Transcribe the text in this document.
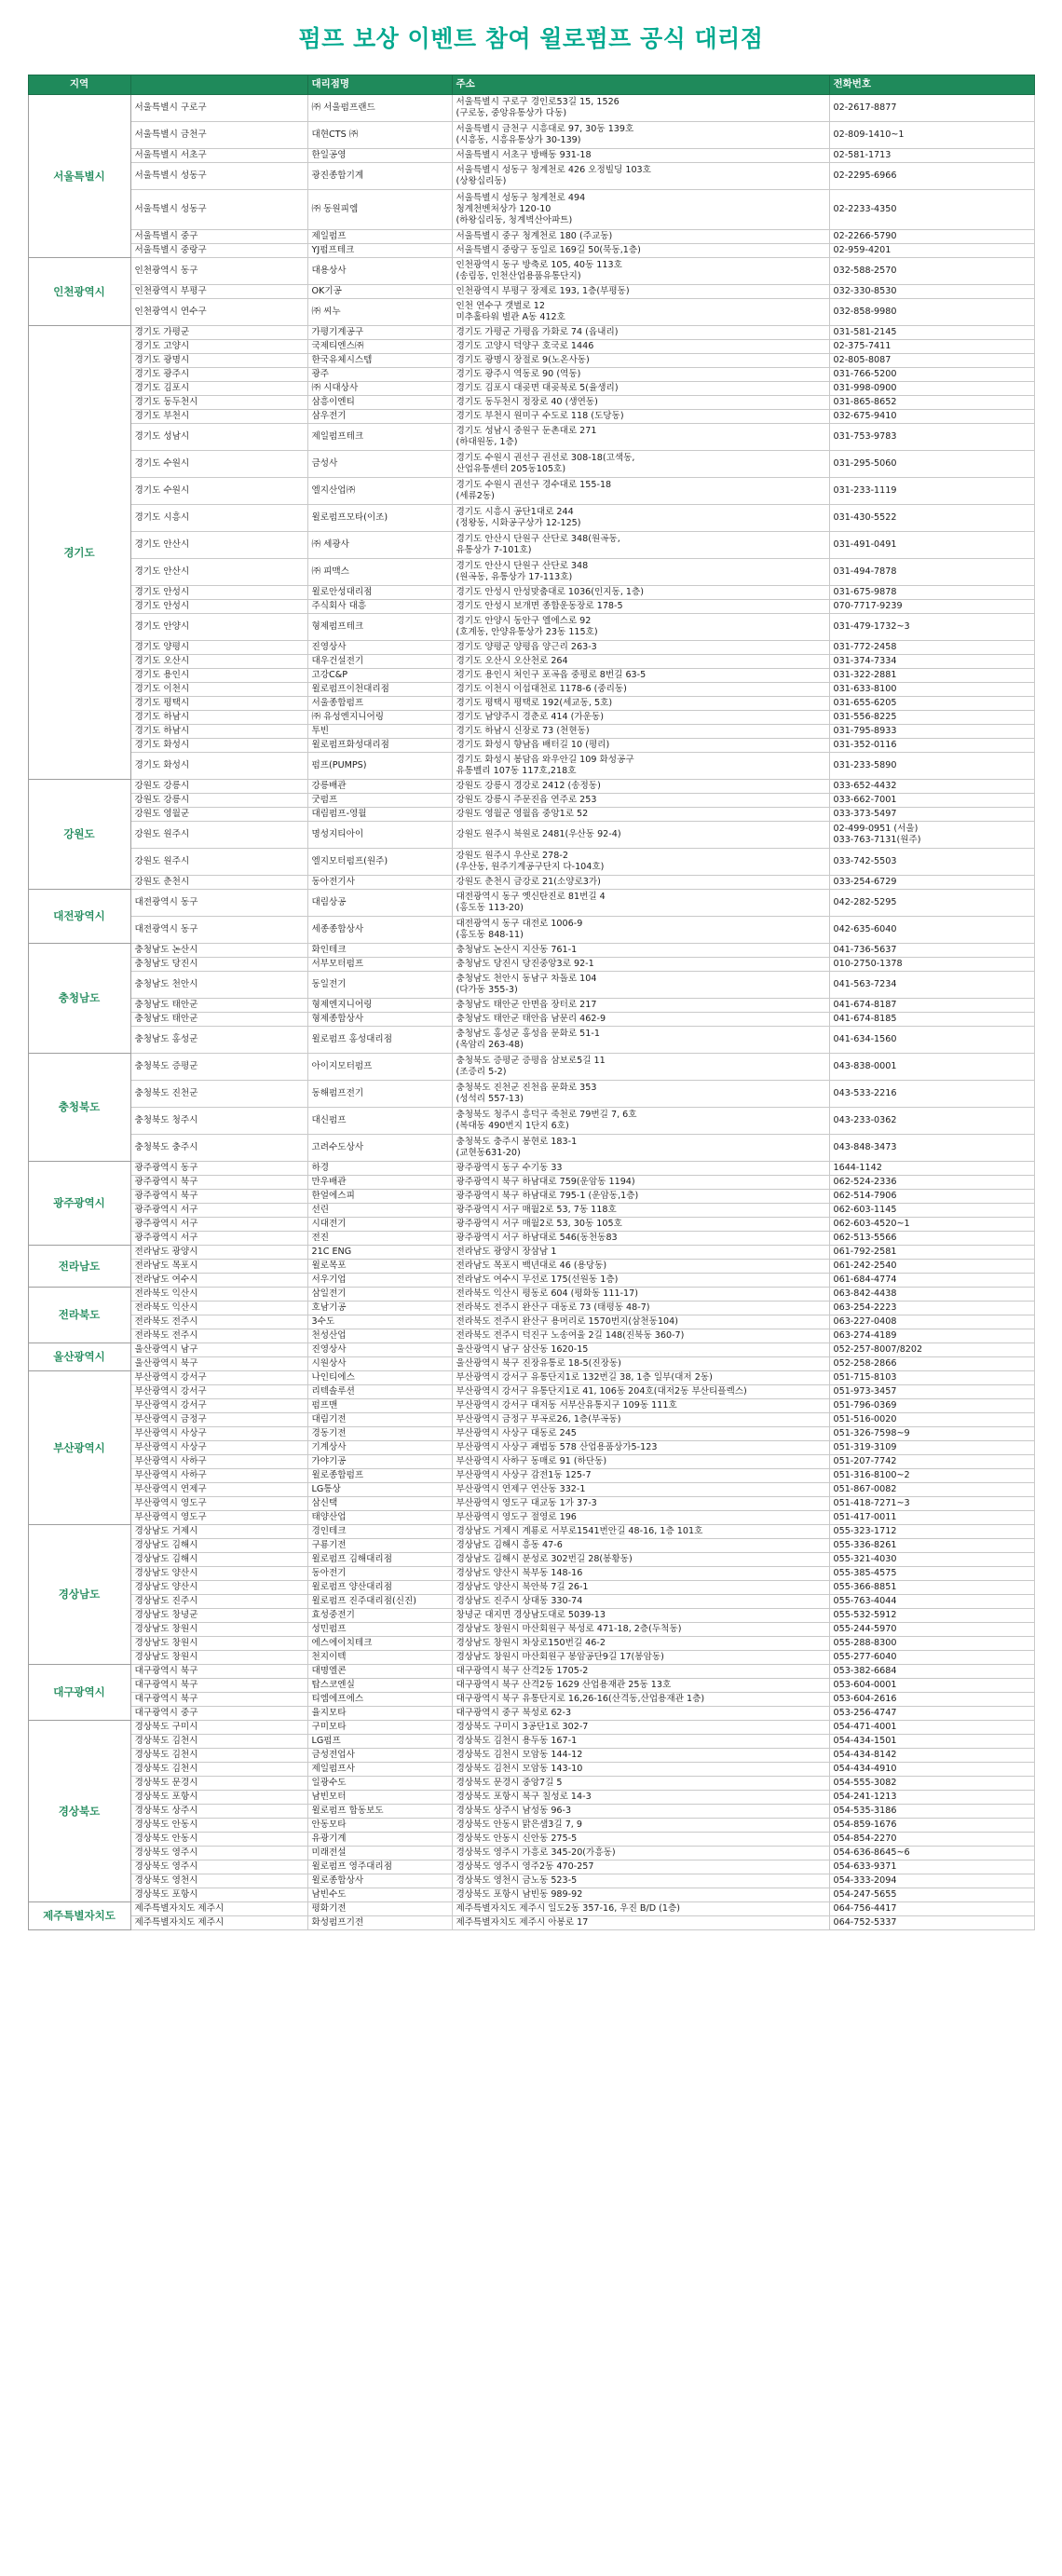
펌프 보상 이벤트 참여 윌로펌프 공식 대리점
지역		대리점명	주소	전화번호
서울특별시	서울특별시 구로구	㈜ 서울펌프랜드	서울특별시 구로구 경인로53길 15, 1526
(구로동, 중앙유통상가 다동)	02-2617-8877

	서울특별시 금천구	대현CTS ㈜	서울특별시 금천구 시흥대로 97, 30동 139호
(시흥동, 시흥유통상가 30-139)	02-809-1410~1

	서울특별시 서초구	한일공영	서울특별시 서초구 방배동 931-18	02-581-1713

	서울특별시 성동구	광진종합기계	서울특별시 성동구 청계천로 426 오정빌딩 103호
(상왕십리동)	02-2295-6966

	서울특별시 성동구	㈜ 동원피엠	서울특별시 성동구 청계천로 494
청계천벤처상가 120-10
(하왕십리동, 청계벽산아파트)	02-2233-4350

	서울특별시 중구	제일펌프	서울특별시 중구 청계천로 180 (주교동)	02-2266-5790

	서울특별시 중랑구	YJ펌프테크	서울특별시 중랑구 동일로 169길 50(묵동,1층)	02-959-4201

인천광역시	인천광역시 동구	대용상사	인천광역시 동구 방축로 105, 40동 113호
(송림동, 인천산업용품유통단지)	032-588-2570

	인천광역시 부평구	OK기공	인천광역시 부평구 장제로 193, 1층(부평동)	032-330-8530

	인천광역시 연수구	㈜ 씨누	인천 연수구 갯벌로 12
미추홀타워 별관 A동 412호	032-858-9980

경기도	경기도 가평군	가평기계공구	경기도 가평군 가평읍 가화로 74 (읍내리)	031-581-2145

	경기도 고양시	국제티엔스㈜	경기도 고양시 덕양구 호국로 1446	02-375-7411

	경기도 광명시	한국유체시스템	경기도 광명시 장절로 9(노온사동)	02-805-8087

	경기도 광주시	광주	경기도 광주시 역동로 90 (역동)	031-766-5200

	경기도 김포시	㈜ 시대상사	경기도 김포시 대곶면 대곶북로 5(율생리)	031-998-0900

	경기도 동두천시	삼흥이엔티	경기도 동두천시 정장로 40 (생연동)	031-865-8652

	경기도 부천시	삼우전기	경기도 부천시 원미구 수도로 118 (도당동)	032-675-9410

	경기도 성남시	제일펌프테크	경기도 성남시 중원구 둔촌대로 271
(하대원동, 1층)	031-753-9783

	경기도 수원시	금성사	경기도 수원시 권선구 권선로 308-18(고색동,
산업유통센터 205동105호)	031-295-5060

	경기도 수원시	엘지산업㈜	경기도 수원시 권선구 경수대로 155-18
(세류2동)	031-233-1119

	경기도 시흥시	윌로펌프모타(이조)	경기도 시흥시 공단1대로 244
(정왕동, 시화공구상가 12-125)	031-430-5522

	경기도 안산시	㈜ 세광사	경기도 안산시 단원구 산단로 348(원곡동,
유통상가 7-101호)	031-491-0491

	경기도 안산시	㈜ 피맥스	경기도 안산시 단원구 산단로 348
(원곡동, 유통상가 17-113호)	031-494-7878

	경기도 안성시	윌로안성대리점	경기도 안성시 안성맞춤대로 1036(인지동, 1층)	031-675-9878

	경기도 안성시	주식회사 대흥	경기도 안성시 보개면 종합운동장로 178-5	070-7717-9239

	경기도 안양시	형제펌프테크	경기도 안양시 동안구 엘에스로 92
(호계동, 안양유통상가 23동 115호)	031-479-1732~3

	경기도 양평시	진영상사	경기도 양평군 양평읍 양근리 263-3	031-772-2458

	경기도 오산시	대우건설전기	경기도 오산시 오산천로 264	031-374-7334

	경기도 용인시	고강C&P	경기도 용인시 처인구 포곡읍 중평로 8번길 63-5	031-322-2881

	경기도 이천시	윌로펌프이천대리점	경기도 이천시 이섭대천로 1178-6 (중리동)	031-633-8100

	경기도 평택시	서울종합펌프	경기도 평택시 평택로 192(세교동, 5호)	031-655-6205

	경기도 하남시	㈜ 유성엔지니어링	경기도 남양주시 경춘로 414 (가운동)	031-556-8225

	경기도 하남시	투빈	경기도 하남시 신장로 73 (천현동)	031-795-8933

	경기도 화성시	윌로펌프화성대리점	경기도 화성시 향남읍 배터길 10 (평리)	031-352-0116

	경기도 화성시	펌프(PUMPS)	경기도 화성시 봉담읍 와우안길 109 화성공구
유통벨리 107동 117호,218호	031-233-5890

강원도	강원도 강릉시	강릉배관	강원도 강릉시 경강로 2412 (송정동)	033-652-4432

	강원도 강릉시	굿펌프	강원도 강릉시 주문진읍 연주로 253	033-662-7001

	강원도 영월군	대림펌프-영월	강원도 영월군 영월읍 중앙1로 52	033-373-5497

	강원도 원주시	명성지티아이	강원도 원주시 북원로 2481(우산동 92-4)	02-499-0951 (서울)
033-763-7131(원주)

	강원도 원주시	엘지모터펌프(원주)	강원도 원주시 우산로 278-2
(우산동, 원주기계공구단지 다-104호)	033-742-5503

	강원도 춘천시	동아전기사	강원도 춘천시 금강로 21(소양로3가)	033-254-6729

대전광역시	대전광역시 동구	대림상공	대전광역시 동구 옛신탄진로 81번길 4
(홍도동 113-20)	042-282-5295

	대전광역시 동구	세종종합상사	대전광역시 동구 대전로 1006-9
(홍도동 848-11)	042-635-6040

충청남도	충청남도 논산시	화인테크	충청남도 논산시 지산동 761-1	041-736-5637

	충청남도 당진시	서부모터펌프	충청남도 당진시 당진중앙3로 92-1	010-2750-1378

	충청남도 천안시	동일전기	충청남도 천안시 동남구 차돌로 104
(다가동 355-3)	041-563-7234

	충청남도 태안군	형제엔지니어링	충청남도 태안군 안면읍 장터로 217	041-674-8187

	충청남도 태안군	형제종합상사	충청남도 태안군 태안읍 남문리 462-9	041-674-8185

	충청남도 홍성군	윌로펌프 홍성대리점	충청남도 홍성군 홍성읍 문화로 51-1
(옥암리 263-48)	041-634-1560

충청북도	충청북도 증평군	아이지모터펌프	충청북도 증평군 증평읍 삼보로5길 11
(조증리 5-2)	043-838-0001

	충청북도 진천군	동해펌프전기	충청북도 진천군 진천읍 문화로 353
(성석리 557-13)	043-533-2216

	충청북도 청주시	대신펌프	충청북도 청주시 흥덕구 죽천로 79번길 7, 6호
(복대동 490번지 1단지 6호)	043-233-0362

	충청북도 충주시	고려수도상사	충청북도 충주시 봉현로 183-1
(교현동631-20)	043-848-3473

광주광역시	광주광역시 동구	하경	광주광역시 동구 수기동 33	1644-1142

	광주광역시 북구	만우배관	광주광역시 북구 하남대로 759(운암동 1194)	062-524-2336

	광주광역시 북구	한얼에스피	광주광역시 북구 하남대로 795-1 (운암동,1층)	062-514-7906

	광주광역시 서구	선린	광주광역시 서구 매월2로 53, 7동 118호	062-603-1145

	광주광역시 서구	시대전기	광주광역시 서구 매월2로 53, 30동 105호	062-603-4520~1

	광주광역시 서구	전진	광주광역시 서구 하남대로 546(동천동83	062-513-5566

전라남도	전라남도 광양시	21C ENG	전라남도 광양시 장삼남 1	061-792-2581

	전라남도 목포시	윌로목포	전라남도 목포시 백년대로 46 (용당동)	061-242-2540

	전라남도 여수시	서우기업	전라남도 여수시 무선로 175(선원동 1층)	061-684-4774

전라북도	전라북도 익산시	삼일전기	전라북도 익산시 평동로 604 (평화동 111-17)	063-842-4438

	전라북도 익산시	호남기공	전라북도 전주시 완산구 대동로 73 (태평동 48-7)	063-254-2223

	전라북도 전주시	3수도	전라북도 전주시 완산구 용머리로 1570번지(삼천동104)	063-227-0408

	전라북도 전주시	천성산업	전라북도 전주시 덕진구 노송여울 2길 148(진북동 360-7)	063-274-4189

울산광역시	울산광역시 남구	진영상사	울산광역시 남구 삼산동 1620-15	052-257-8007/8202

	울산광역시 북구	시원상사	울산광역시 북구 진장유통로 18-5(진장동)	052-258-2866

부산광역시	부산광역시 강서구	나인티에스	부산광역시 강서구 유통단지1로 132번길 38, 1층 일부(대저 2동)	051-715-8103

	부산광역시 강서구	리텍솔루션	부산광역시 강서구 유통단지1로 41, 106동 204호(대저2동 부산티플렉스)	051-973-3457

	부산광역시 강서구	펌프맨	부산광역시 강서구 대저동 서부산유통지구 109동 111호	051-796-0369

	부산광역시 금정구	대림기전	부산광역시 금정구 부곡로26, 1층(부곡동)	051-516-0020

	부산광역시 사상구	경동기전	부산광역시 사상구 대동로 245	051-326-7598~9

	부산광역시 사상구	기계상사	부산광역시 사상구 괘법동 578 산업용품상가5-123	051-319-3109

	부산광역시 사하구	가야기공	부산광역시 사하구 동매로 91 (하단동)	051-207-7742

	부산광역시 사하구	윌로종합펌프	부산광역시 사상구 감전1동 125-7	051-316-8100~2

	부산광역시 연제구	LG통상	부산광역시 연제구 연산동 332-1	051-867-0082

	부산광역시 영도구	삼신택	부산광역시 영도구 대교동 1가 37-3	051-418-7271~3

	부산광역시 영도구	태양산업	부산광역시 영도구 절영로 196	051-417-0011

경상남도	경상남도 거제시	경인테크	경상남도 거제시 계룡로 서부로1541번안길 48-16, 1층 101호	055-323-1712

	경상남도 김해시	구룡기전	경상남도 김해시 흥동 47-6	055-336-8261

	경상남도 김해시	윌로펌프 김해대리점	경상남도 김해시 분성로 302번길 28(봉황동)	055-321-4030

	경상남도 양산시	동아전기	경상남도 양산시 북부동 148-16	055-385-4575

	경상남도 양산시	윌로펌프 양산대리점	경상남도 양산시 북안북 7길 26-1	055-366-8851

	경상남도 진주시	윌로펌프 진주대리점(신진)	경상남도 진주시 상대동 330-74	055-763-4044

	경상남도 창녕군	효성중전기	창녕군 대지면 경상남도대로 5039-13	055-532-5912

	경상남도 창원시	성민펌프	경상남도 창원시 마산회원구 북성로 471-18, 2층(두척동)	055-244-5970

	경상남도 창원시	에스에이치테크	경상남도 창원시 차상로150번길 46-2	055-288-8300

	경상남도 창원시	천지이텍	경상남도 창원시 마산회원구 봉암공단9길 17(봉암동)	055-277-6040

대구광역시	대구광역시 북구	대명엘콘	대구광역시 북구 산격2동 1705-2	053-382-6684

	대구광역시 북구	탑스코엔실	대구광역시 북구 산격2동 1629 산업용재관 25동 13호	053-604-0001

	대구광역시 북구	티엠에프에스	대구광역시 북구 유통단지로 16,26-16(산격동,산업용재관 1층)	053-604-2616

	대구광역시 중구	율지모타	대구광역시 중구 북성로 62-3	053-256-4747

경상북도	경상북도 구미시	구미모타	경상북도 구미시 3공단1로 302-7	054-471-4001

	경상북도 김천시	LG펌프	경상북도 김천시 용두동 167-1	054-434-1501

	경상북도 김천시	금성전업사	경상북도 김천시 모암동 144-12	054-434-8142

	경상북도 김천시	제일펌프사	경상북도 김천시 모암동 143-10	054-434-4910

	경상북도 문경시	일광수도	경상북도 문경시 중앙7길 5	054-555-3082

	경상북도 포항시	남빈모터	경상북도 포항시 북구 칠성로 14-3	054-241-1213

	경상북도 상주시	윌로펌프 합동보도	경상북도 상주시 남성동 96-3	054-535-3186

	경상북도 안동시	안동모타	경상북도 안동시 맑은샘3길 7, 9	054-859-1676

	경상북도 안동시	유광기계	경상북도 안동시 신안동 275-5	054-854-2270

	경상북도 영주시	미래전설	경상북도 영주시 가흥로 345-20(가흥동)	054-636-8645~6

	경상북도 영주시	윌로펌프 영주대리점	경상북도 영주시 영주2동 470-257	054-633-9371

	경상북도 영천시	윌로종합상사	경상북도 영천시 금노동 523-5	054-333-2094

	경상북도 포항시	남빈수도	경상북도 포항시 남빈동 989-92	054-247-5655

제주특별자치도	제주특별자치도 제주시	평화기전	제주특별자치도 제주시 일도2동 357-16, 우진 B/D (1층)	064-756-4417

	제주특별자치도 제주시	화성펌프기전	제주특별자치도 제주시 아봉로 17	064-752-5337
